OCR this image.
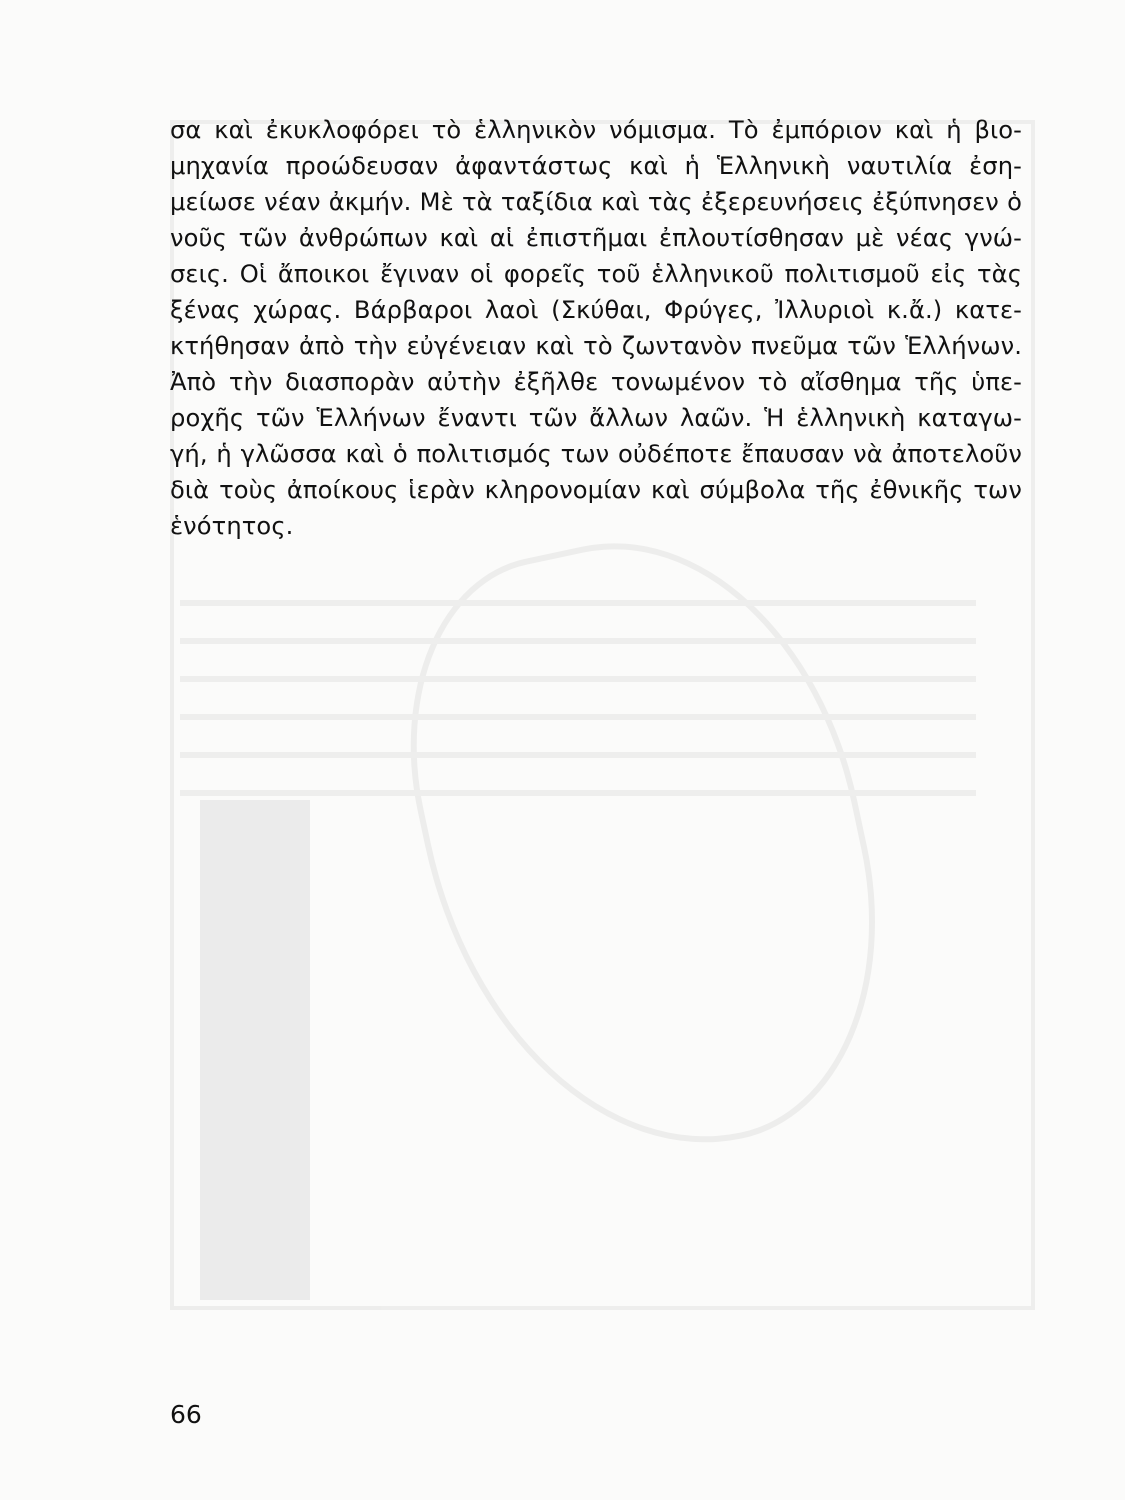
σα καὶ ἐκυκλοφόρει τὸ ἑλληνικὸν νόμισμα. Τὸ ἐμπόριον καὶ ἡ βιο-
μηχανία προώδευσαν ἀφαντάστως καὶ ἡ Ἑλληνικὴ ναυτιλία ἐση-
μείωσε νέαν ἀκμήν. Μὲ τὰ ταξίδια καὶ τὰς ἐξερευνήσεις ἐξύπνησεν ὁ
νοῦς τῶν ἀνθρώπων καὶ αἱ ἐπιστῆμαι ἐπλουτίσθησαν μὲ νέας γνώ-
σεις. Οἱ ἄποικοι ἔγιναν οἱ φορεῖς τοῦ ἑλληνικοῦ πολιτισμοῦ εἰς τὰς
ξένας χώρας. Βάρβαροι λαοὶ (Σκύθαι, Φρύγες, Ἰλλυριοὶ κ.ἄ.) κατε-
κτήθησαν ἀπὸ τὴν εὐγένειαν καὶ τὸ ζωντανὸν πνεῦμα τῶν Ἑλλήνων.
Ἀπὸ τὴν διασπορὰν αὐτὴν ἐξῆλθε τονωμένον τὸ αἴσθημα τῆς ὑπε-
ροχῆς τῶν Ἑλλήνων ἔναντι τῶν ἄλλων λαῶν. Ἡ ἑλληνικὴ καταγω-
γή, ἡ γλῶσσα καὶ ὁ πολιτισμός των οὐδέποτε ἔπαυσαν νὰ ἀποτελοῦν
διὰ τοὺς ἀποίκους ἱερὰν κληρονομίαν καὶ σύμβολα τῆς ἐθνικῆς των
ἑνότητος.
66
